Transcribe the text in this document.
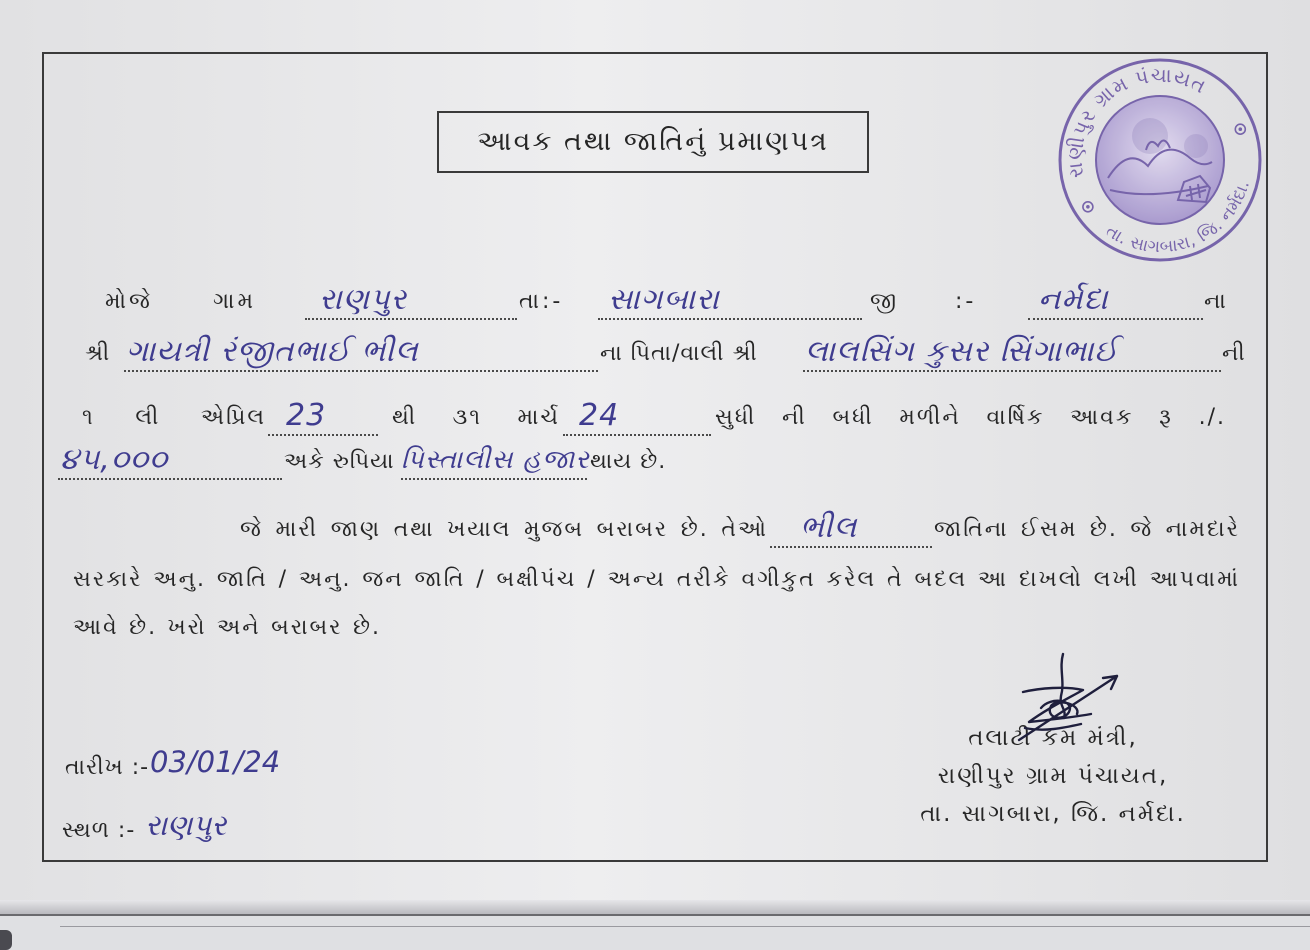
આવક તથા જાતિનું પ્રમાણપત્ર
રાણીપુર ગ્રામ પંચાયત
તા. સાગબારા, જિ. નર્મદા.
મોજે	ગામ	રાણપુર	તા:-	સાગબારા	જી	:- નર્મદા	ના
શ્રી ગાયત્રી રંજીતભાઈ ભીલ	ના પિતા/વાલી શ્રી	લાલસિંગ કુસર સિંગાભાઈ	ની
૧ લી એપ્રિલ 23	થી ૩૧ માર્ચ 24	સુધી ની બધી મળીને વાર્ષિક આવક રૂ ./.
૪૫,૦૦૦	અકે રુપિયા પિસ્તાલીસ હજાર થાય છે.
જે મારી જાણ તથા ખયાલ મુજબ બરાબર છે. તેઓ ભીલ	જાતિના ઈસમ છે. જે નામદારે
સરકારે અનુ. જાતિ / અનુ. જન જાતિ / બક્ષીપંચ / અન્ય તરીકે વગીકુત કરેલ તે બદલ આ દાખલો લખી આપવામાં
આવે છે. ખરો અને બરાબર છે.
તારીખ :- 03/01/24
સ્થળ :- રાણપુર
તલાટી કમ મંત્રી,
રાણીપુર ગ્રામ પંચાયત,
તા. સાગબારા, જિ. નર્મદા.
